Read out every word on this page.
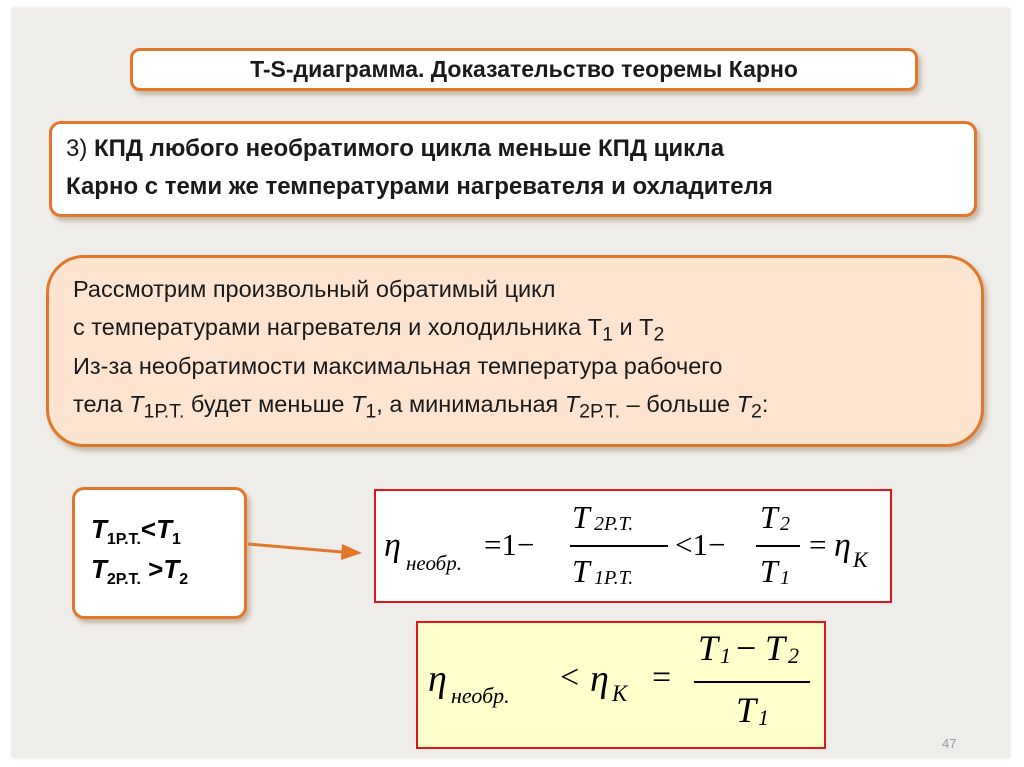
T-S-диаграмма. Доказательство теоремы Карно
3) КПД любого необратимого цикла меньше КПД цикла
Карно с теми же температурами нагревателя и охладителя
Рассмотрим произвольный обратимый цикл
с температурами нагревателя и холодильника $Т_1$ и $Т_2$
Из-за необратимости максимальная температура рабочего
тела $T_{1Р.Т.}$ будет меньше $T_1$, а минимальная $T_{2Р.Т.}$ – больше $T_2$:
$T_{1Р.Т.}<T_1$
$T_{2Р.Т.} >T_2$
η необр.
=1−
T 2P.T.
T 1P.T.
<1−
T 2
T 1
= η K
η необр. < η K =
T 1 − T 2
T 1
47
